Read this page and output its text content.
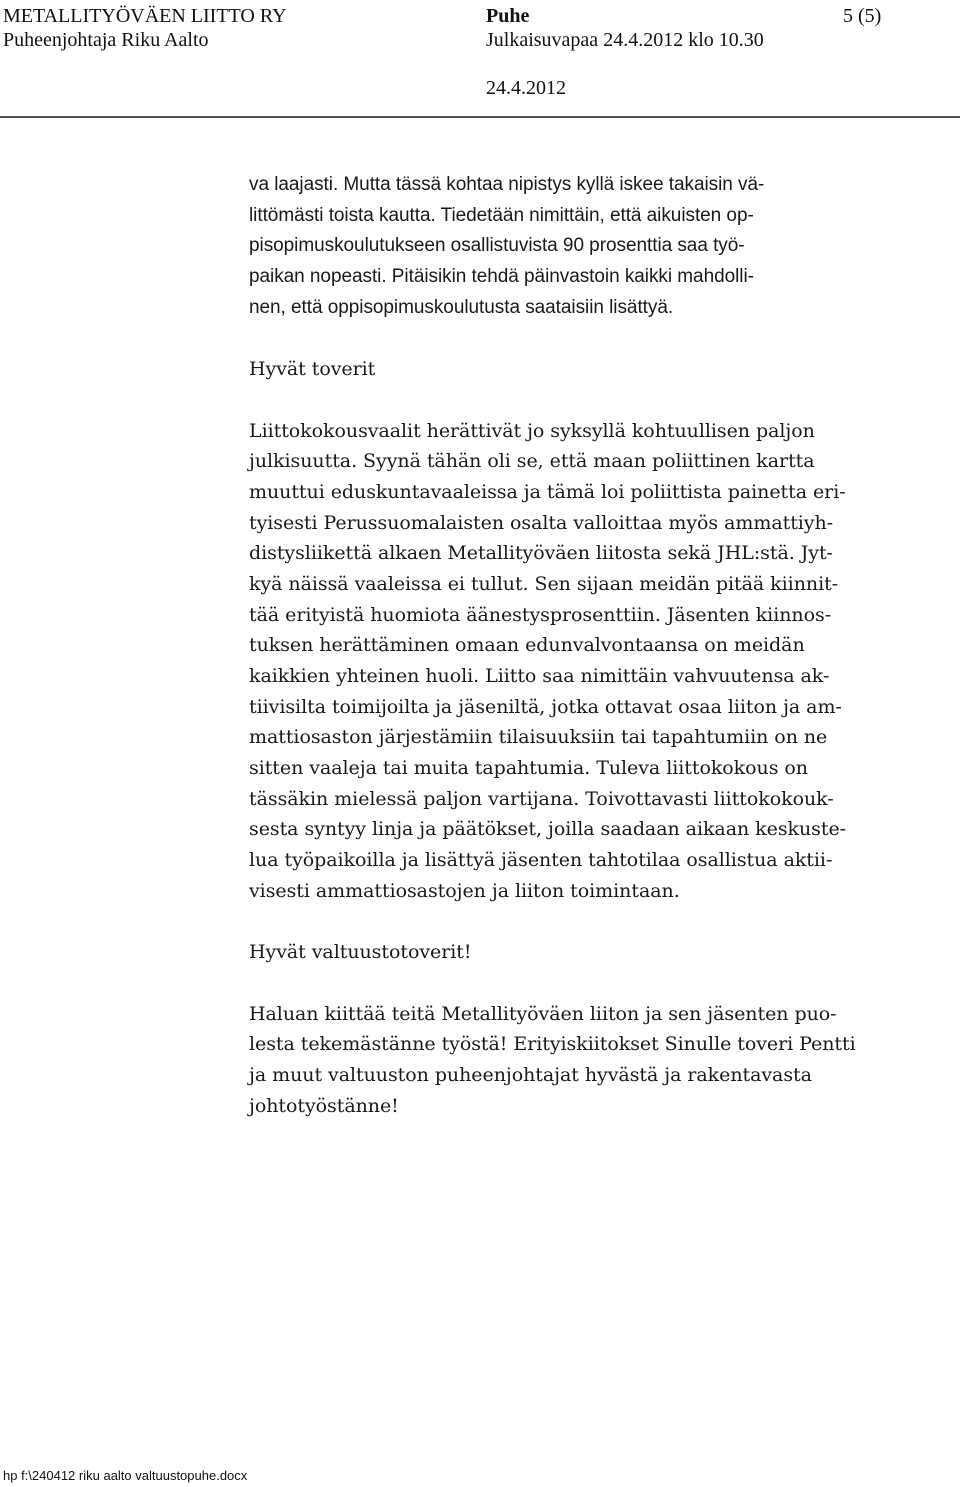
METALLITYÖVÄEN LIITTO RY	Puhe	5 (5)
Puheenjohtaja Riku Aalto	Julkaisuvapaa 24.4.2012 klo 10.30
24.4.2012
va laajasti. Mutta tässä kohtaa nipistys kyllä iskee takaisin vä-
littömästi toista kautta. Tiedetään nimittäin, että aikuisten op-
pisopimuskoulutukseen osallistuvista 90 prosenttia saa työ-
paikan nopeasti. Pitäisikin tehdä päinvastoin kaikki mahdolli-
nen, että oppisopimuskoulutusta saataisiin lisättyä.
Hyvät toverit
Liittokokousvaalit herättivät jo syksyllä kohtuullisen paljon
julkisuutta. Syynä tähän oli se, että maan poliittinen kartta
muuttui eduskuntavaaleissa ja tämä loi poliittista painetta eri-
tyisesti Perussuomalaisten osalta valloittaa myös ammattiyh-
distysliikettä alkaen Metallityöväen liitosta sekä JHL:stä. Jyt-
kyä näissä vaaleissa ei tullut. Sen sijaan meidän pitää kiinnit-
tää erityistä huomiota äänestysprosenttiin. Jäsenten kiinnos-
tuksen herättäminen omaan edunvalvontaansa on meidän
kaikkien yhteinen huoli. Liitto saa nimittäin vahvuutensa ak-
tiivisilta toimijoilta ja jäseniltä, jotka ottavat osaa liiton ja am-
mattiosaston järjestämiin tilaisuuksiin tai tapahtumiin on ne
sitten vaaleja tai muita tapahtumia. Tuleva liittokokous on
tässäkin mielessä paljon vartijana. Toivottavasti liittokokouk-
sesta syntyy linja ja päätökset, joilla saadaan aikaan keskuste-
lua työpaikoilla ja lisättyä jäsenten tahtotilaa osallistua aktii-
visesti ammattiosastojen ja liiton toimintaan.
Hyvät valtuustotoverit!
Haluan kiittää teitä Metallityöväen liiton ja sen jäsenten puo-
lesta tekemästänne työstä! Erityiskiitokset Sinulle toveri Pentti
ja muut valtuuston puheenjohtajat hyvästä ja rakentavasta
johtotyöstänne!
hp f:\240412 riku aalto valtuustopuhe.docx
